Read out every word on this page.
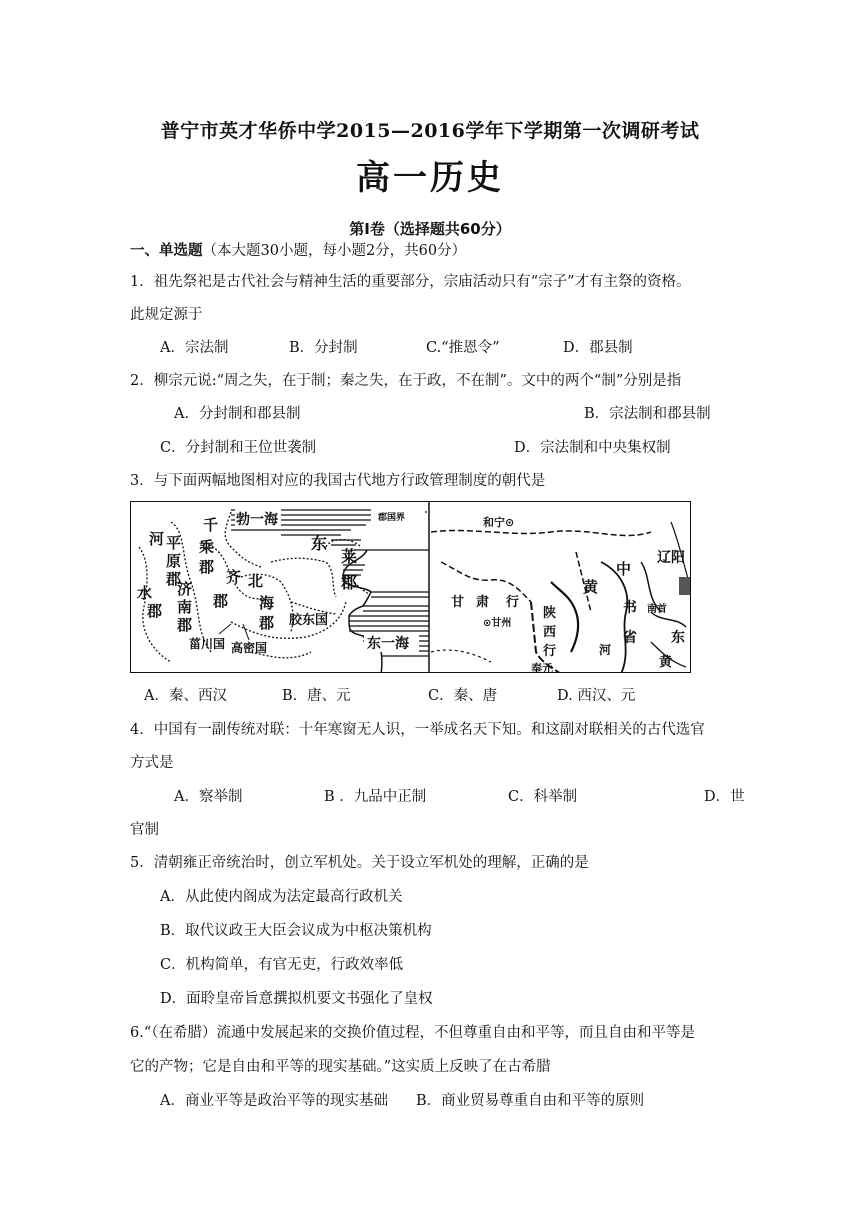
普宁市英才华侨中学2015—2016学年下学期第一次调研考试
高一历史
第Ⅰ卷（选择题共60分）
一、单选题（本大题30小题，每小题2分，共60分）
1．祖先祭祀是古代社会与精神生活的重要部分，宗庙活动只有“宗子”才有主祭的资格。
此规定源于
A．宗法制	B．分封制	C.“推恩令”	D．郡县制
2．柳宗元说:“周之失，在于制；秦之失，在于政，不在制”。文中的两个“制”分别是指
A．分封制和郡县制	B．宗法制和郡县制
C．分封制和王位世袭制	D．宗法制和中央集权制
3．与下面两幅地图相对应的我国古代地方行政管理制度的朝代是
勃一海	郡国界
河
水
郡
平
原
郡
千
乘
郡
济
南
郡
齐
郡
北
海
郡
东
莱
郡
胶东国
菑川国 高密国	东一海
和宁⊙
甘 肃 行
⊙甘州
陕
西
行
奉元
黄
中
书
省
河
辽阳
南首
东
黄
A．秦、西汉	B．唐、元	C．秦、唐	D. 西汉、元
4．中国有一副传统对联：十年寒窗无人识，一举成名天下知。和这副对联相关的古代选官
方式是
A．察举制	B ．九品中正制	C．科举制	D．世
官制
5．清朝雍正帝统治时，创立军机处。关于设立军机处的理解，正确的是
A．从此使内阁成为法定最高行政机关
B．取代议政王大臣会议成为中枢决策机构
C．机构简单，有官无吏，行政效率低
D．面聆皇帝旨意撰拟机要文书强化了皇权
6.“（在希腊）流通中发展起来的交换价值过程，不但尊重自由和平等，而且自由和平等是
它的产物；它是自由和平等的现实基础。”这实质上反映了在古希腊
A．商业平等是政治平等的现实基础 B．商业贸易尊重自由和平等的原则
